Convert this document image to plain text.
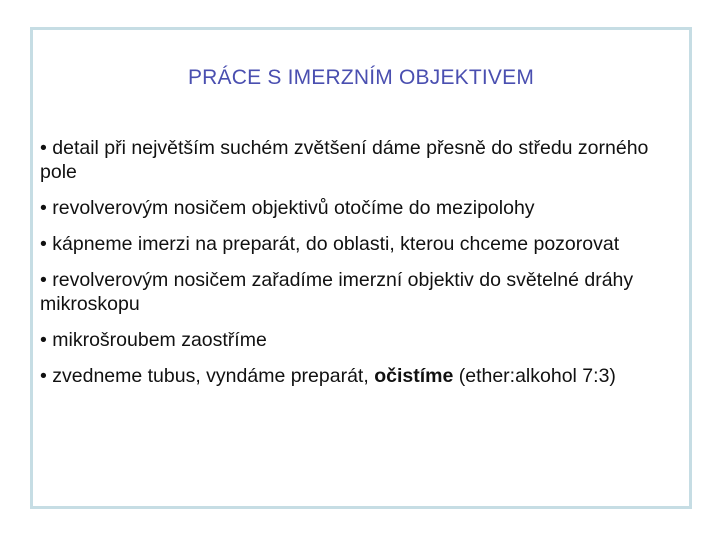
PRÁCE S IMERZNÍM OBJEKTIVEM
• detail při největším suchém zvětšení dáme přesně do středu zorného pole
• revolverovým nosičem objektivů otočíme do mezipolohy
• kápneme imerzi na preparát, do oblasti, kterou chceme pozorovat
• revolverovým nosičem zařadíme imerzní objektiv do světelné dráhy mikroskopu
• mikrošroubem zaostříme
• zvedneme tubus, vyndáme preparát, očistíme (ether:alkohol 7:3)
